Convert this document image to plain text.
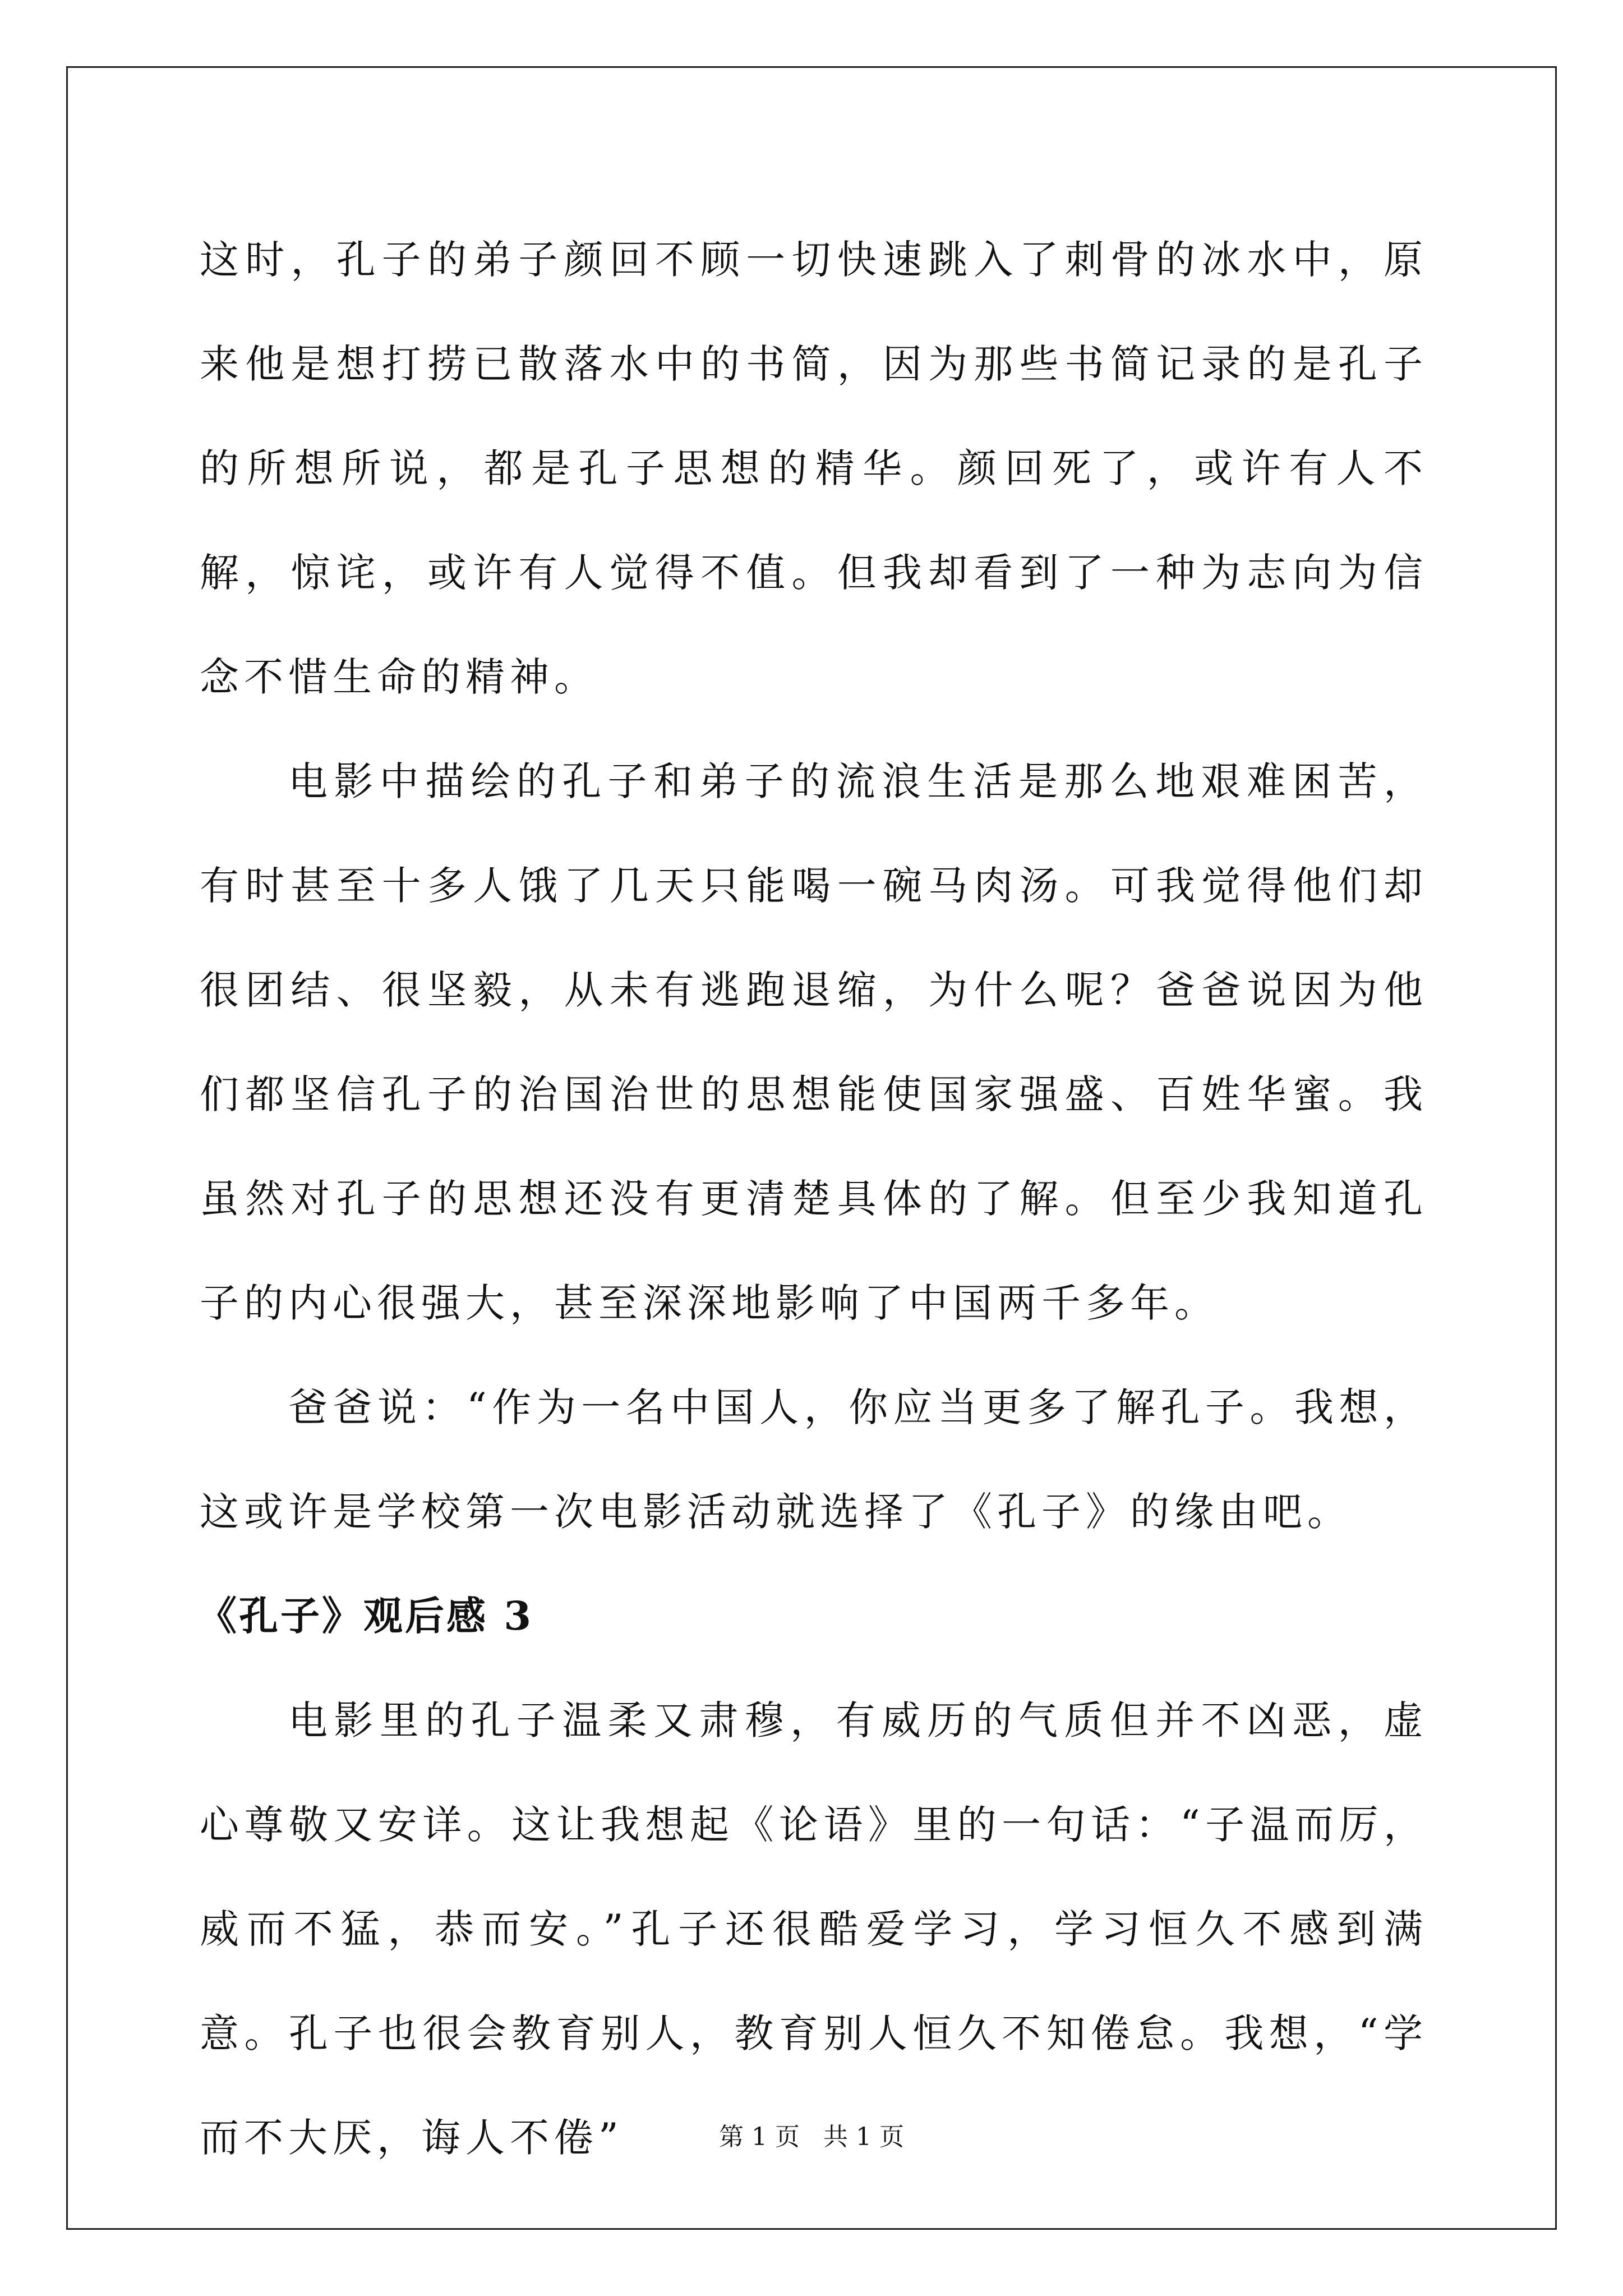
这时，孔子的弟子颜回不顾一切快速跳入了刺骨的冰水中，原来他是想打捞已散落水中的书简，因为那些书简记录的是孔子的所想所说，都是孔子思想的精华。颜回死了，或许有人不解，惊诧，或许有人觉得不值。但我却看到了一种为志向为信念不惜生命的精神。

电影中描绘的孔子和弟子的流浪生活是那么地艰难困苦，有时甚至十多人饿了几天只能喝一碗马肉汤。可我觉得他们却很团结、很坚毅，从未有逃跑退缩，为什么呢？爸爸说因为他们都坚信孔子的治国治世的思想能使国家强盛、百姓华蜜。我虽然对孔子的思想还没有更清楚具体的了解。但至少我知道孔子的内心很强大，甚至深深地影响了中国两千多年。

爸爸说：“作为一名中国人，你应当更多了解孔子。我想，这或许是学校第一次电影活动就选择了《孔子》的缘由吧。

《孔子》观后感 3

电影里的孔子温柔又肃穆，有威历的气质但并不凶恶，虚心尊敬又安详。这让我想起《论语》里的一句话：“子温而厉，威而不猛，恭而安。”孔子还很酷爱学习，学习恒久不感到满意。孔子也很会教育别人，教育别人恒久不知倦怠。我想，“学而不大厌，诲人不倦”	第 1 页   共 1 页
